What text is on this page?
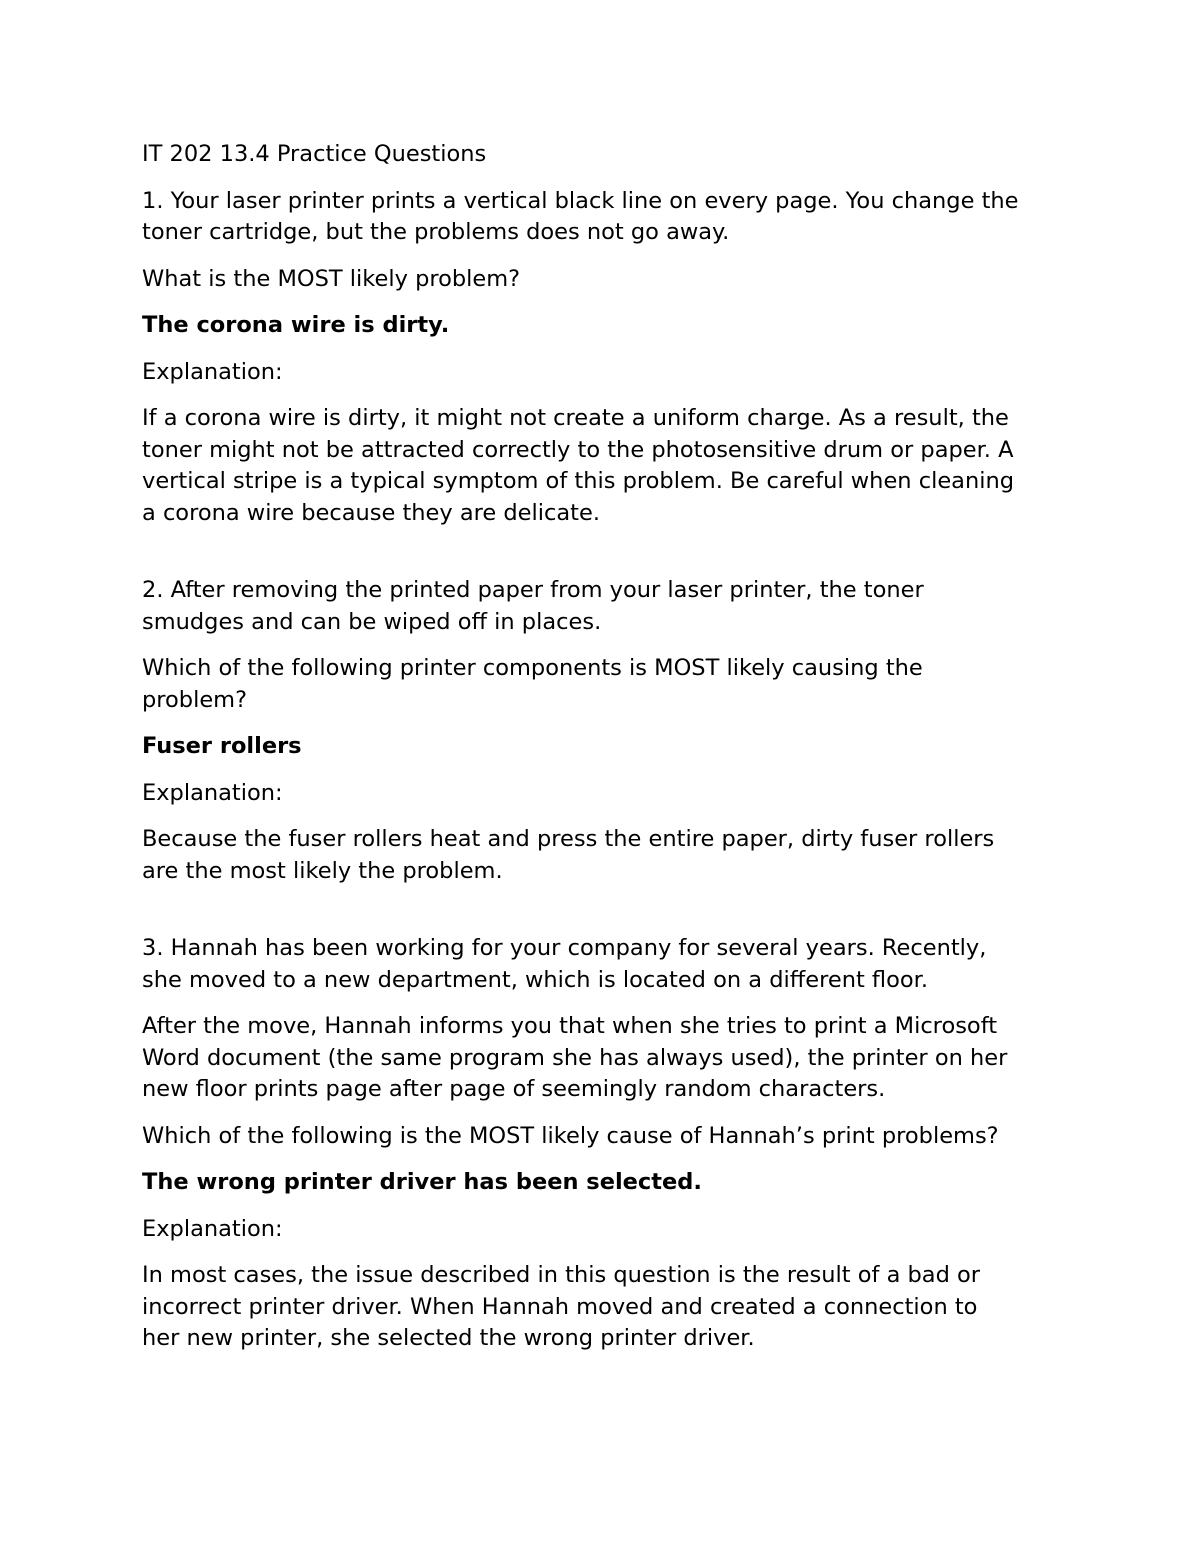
IT 202 13.4 Practice Questions

1. Your laser printer prints a vertical black line on every page. You change the
toner cartridge, but the problems does not go away.

What is the MOST likely problem?

The corona wire is dirty.

Explanation:

If a corona wire is dirty, it might not create a uniform charge. As a result, the
toner might not be attracted correctly to the photosensitive drum or paper. A
vertical stripe is a typical symptom of this problem. Be careful when cleaning
a corona wire because they are delicate.

2. After removing the printed paper from your laser printer, the toner
smudges and can be wiped off in places.

Which of the following printer components is MOST likely causing the
problem?

Fuser rollers

Explanation:

Because the fuser rollers heat and press the entire paper, dirty fuser rollers
are the most likely the problem.

3. Hannah has been working for your company for several years. Recently,
she moved to a new department, which is located on a different floor.

After the move, Hannah informs you that when she tries to print a Microsoft
Word document (the same program she has always used), the printer on her
new floor prints page after page of seemingly random characters.

Which of the following is the MOST likely cause of Hannah’s print problems?

The wrong printer driver has been selected.

Explanation:

In most cases, the issue described in this question is the result of a bad or
incorrect printer driver. When Hannah moved and created a connection to
her new printer, she selected the wrong printer driver.
